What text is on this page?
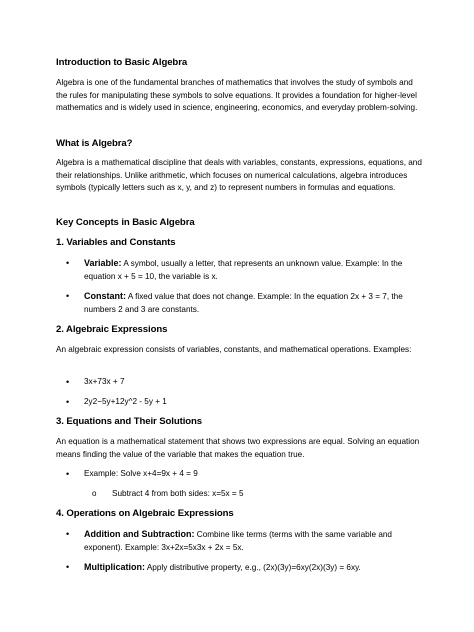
Introduction to Basic Algebra

Algebra is one of the fundamental branches of mathematics that involves the study of symbols and the rules for manipulating these symbols to solve equations. It provides a foundation for higher-level mathematics and is widely used in science, engineering, economics, and everyday problem-solving.

What is Algebra?

Algebra is a mathematical discipline that deals with variables, constants, expressions, equations, and their relationships. Unlike arithmetic, which focuses on numerical calculations, algebra introduces symbols (typically letters such as x, y, and z) to represent numbers in formulas and equations.

Key Concepts in Basic Algebra
1. Variables and Constants

• Variable: A symbol, usually a letter, that represents an unknown value. Example: In the equation x + 5 = 10, the variable is x.

• Constant: A fixed value that does not change. Example: In the equation 2x + 3 = 7, the numbers 2 and 3 are constants.

2. Algebraic Expressions

An algebraic expression consists of variables, constants, and mathematical operations. Examples:

• 3x+73x + 7

• 2y2−5y+12y^2 - 5y + 1

3. Equations and Their Solutions

An equation is a mathematical statement that shows two expressions are equal. Solving an equation means finding the value of the variable that makes the equation true.

• Example: Solve x+4=9x + 4 = 9

o Subtract 4 from both sides: x=5x = 5

4. Operations on Algebraic Expressions

• Addition and Subtraction: Combine like terms (terms with the same variable and exponent). Example: 3x+2x=5x3x + 2x = 5x.

• Multiplication: Apply distributive property, e.g., (2x)(3y)=6xy(2x)(3y) = 6xy.
